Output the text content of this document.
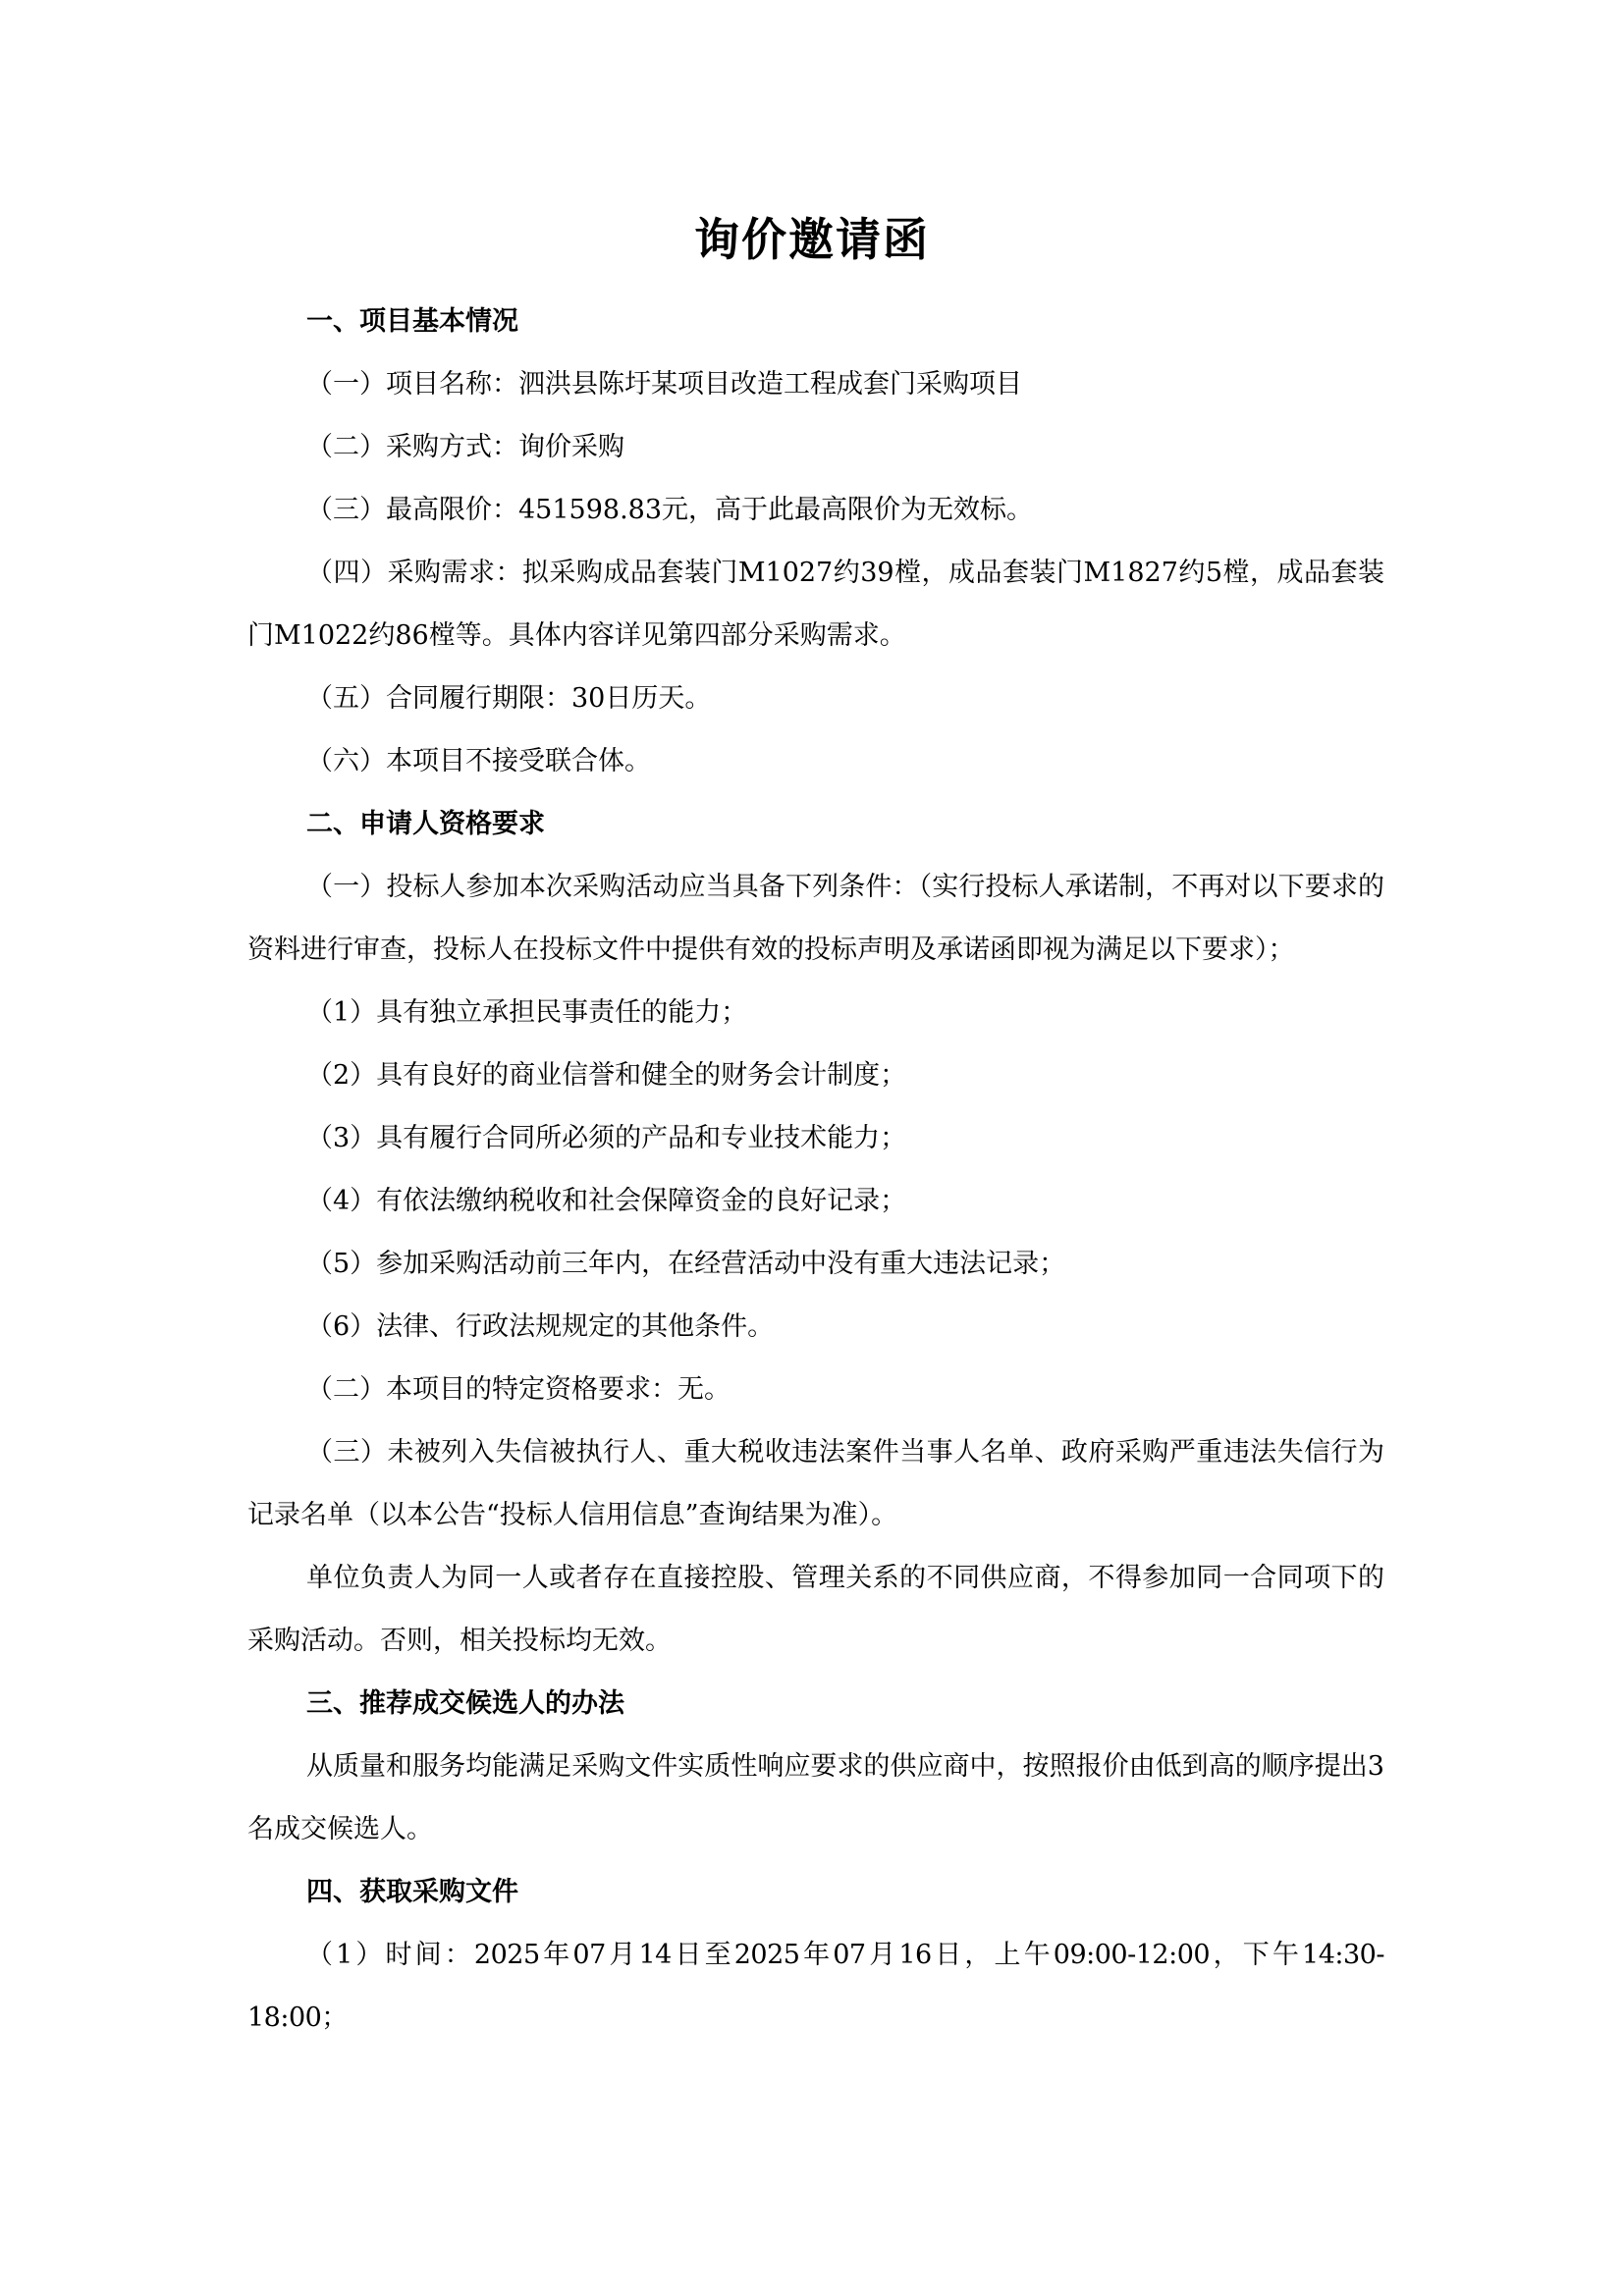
询价邀请函

一、项目基本情况

（一）项目名称：泗洪县陈圩某项目改造工程成套门采购项目

（二）采购方式：询价采购

（三）最高限价：451598.83元，高于此最高限价为无效标。

（四）采购需求：拟采购成品套装门M1027约39樘，成品套装门M1827约5樘，成品套装门M1022约86樘等。具体内容详见第四部分采购需求。

（五）合同履行期限：30日历天。

（六）本项目不接受联合体。

二、申请人资格要求

（一）投标人参加本次采购活动应当具备下列条件：（实行投标人承诺制，不再对以下要求的资料进行审查，投标人在投标文件中提供有效的投标声明及承诺函即视为满足以下要求）；

（1）具有独立承担民事责任的能力；

（2）具有良好的商业信誉和健全的财务会计制度；

（3）具有履行合同所必须的产品和专业技术能力；

（4）有依法缴纳税收和社会保障资金的良好记录；

（5）参加采购活动前三年内，在经营活动中没有重大违法记录；

（6）法律、行政法规规定的其他条件。

（二）本项目的特定资格要求：无。

（三）未被列入失信被执行人、重大税收违法案件当事人名单、政府采购严重违法失信行为记录名单（以本公告“投标人信用信息”查询结果为准）。

单位负责人为同一人或者存在直接控股、管理关系的不同供应商，不得参加同一合同项下的采购活动。否则，相关投标均无效。

三、推荐成交候选人的办法

从质量和服务均能满足采购文件实质性响应要求的供应商中，按照报价由低到高的顺序提出3名成交候选人。

四、获取采购文件

（1）时间：2025年07月14日至2025年07月16日，上午09:00-12:00，下午14:30-18:00；
